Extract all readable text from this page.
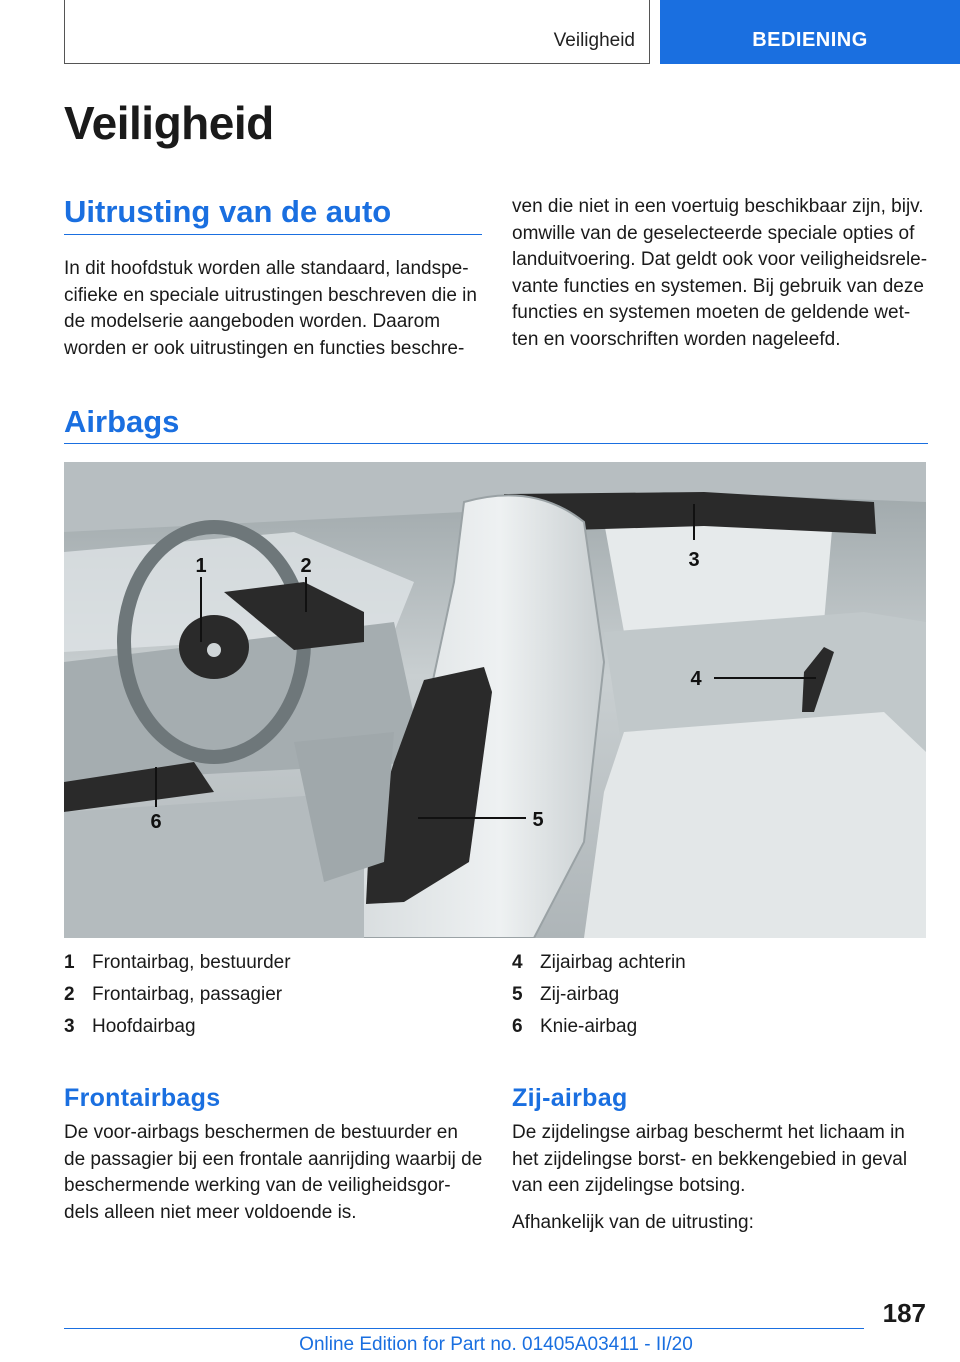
Veiligheid	BEDIENING
Veiligheid
Uitrusting van de auto
In dit hoofdstuk worden alle standaard, landspe-
cifieke en speciale uitrustingen beschreven die in
de modelserie aangeboden worden. Daarom
worden er ook uitrustingen en functies beschre-
ven die niet in een voertuig beschikbaar zijn, bijv.
omwille van de geselecteerde speciale opties of
landuitvoering. Dat geldt ook voor veiligheidsrele-
vante functies en systemen. Bij gebruik van deze
functies en systemen moeten de geldende wet-
ten en voorschriften worden nageleefd.
Airbags
1	2	3
4
5
6
1 Frontairbag, bestuurder
2 Frontairbag, passagier
3 Hoofdairbag
4 Zijairbag achterin
5 Zij-airbag
6 Knie-airbag
Frontairbags
De voor-airbags beschermen de bestuurder en
de passagier bij een frontale aanrijding waarbij de
beschermende werking van de veiligheidsgor-
dels alleen niet meer voldoende is.
Zij-airbag
De zijdelingse airbag beschermt het lichaam in
het zijdelingse borst- en bekkengebied in geval
van een zijdelingse botsing.
Afhankelijk van de uitrusting:
187
Online Edition for Part no. 01405A03411 - II/20
